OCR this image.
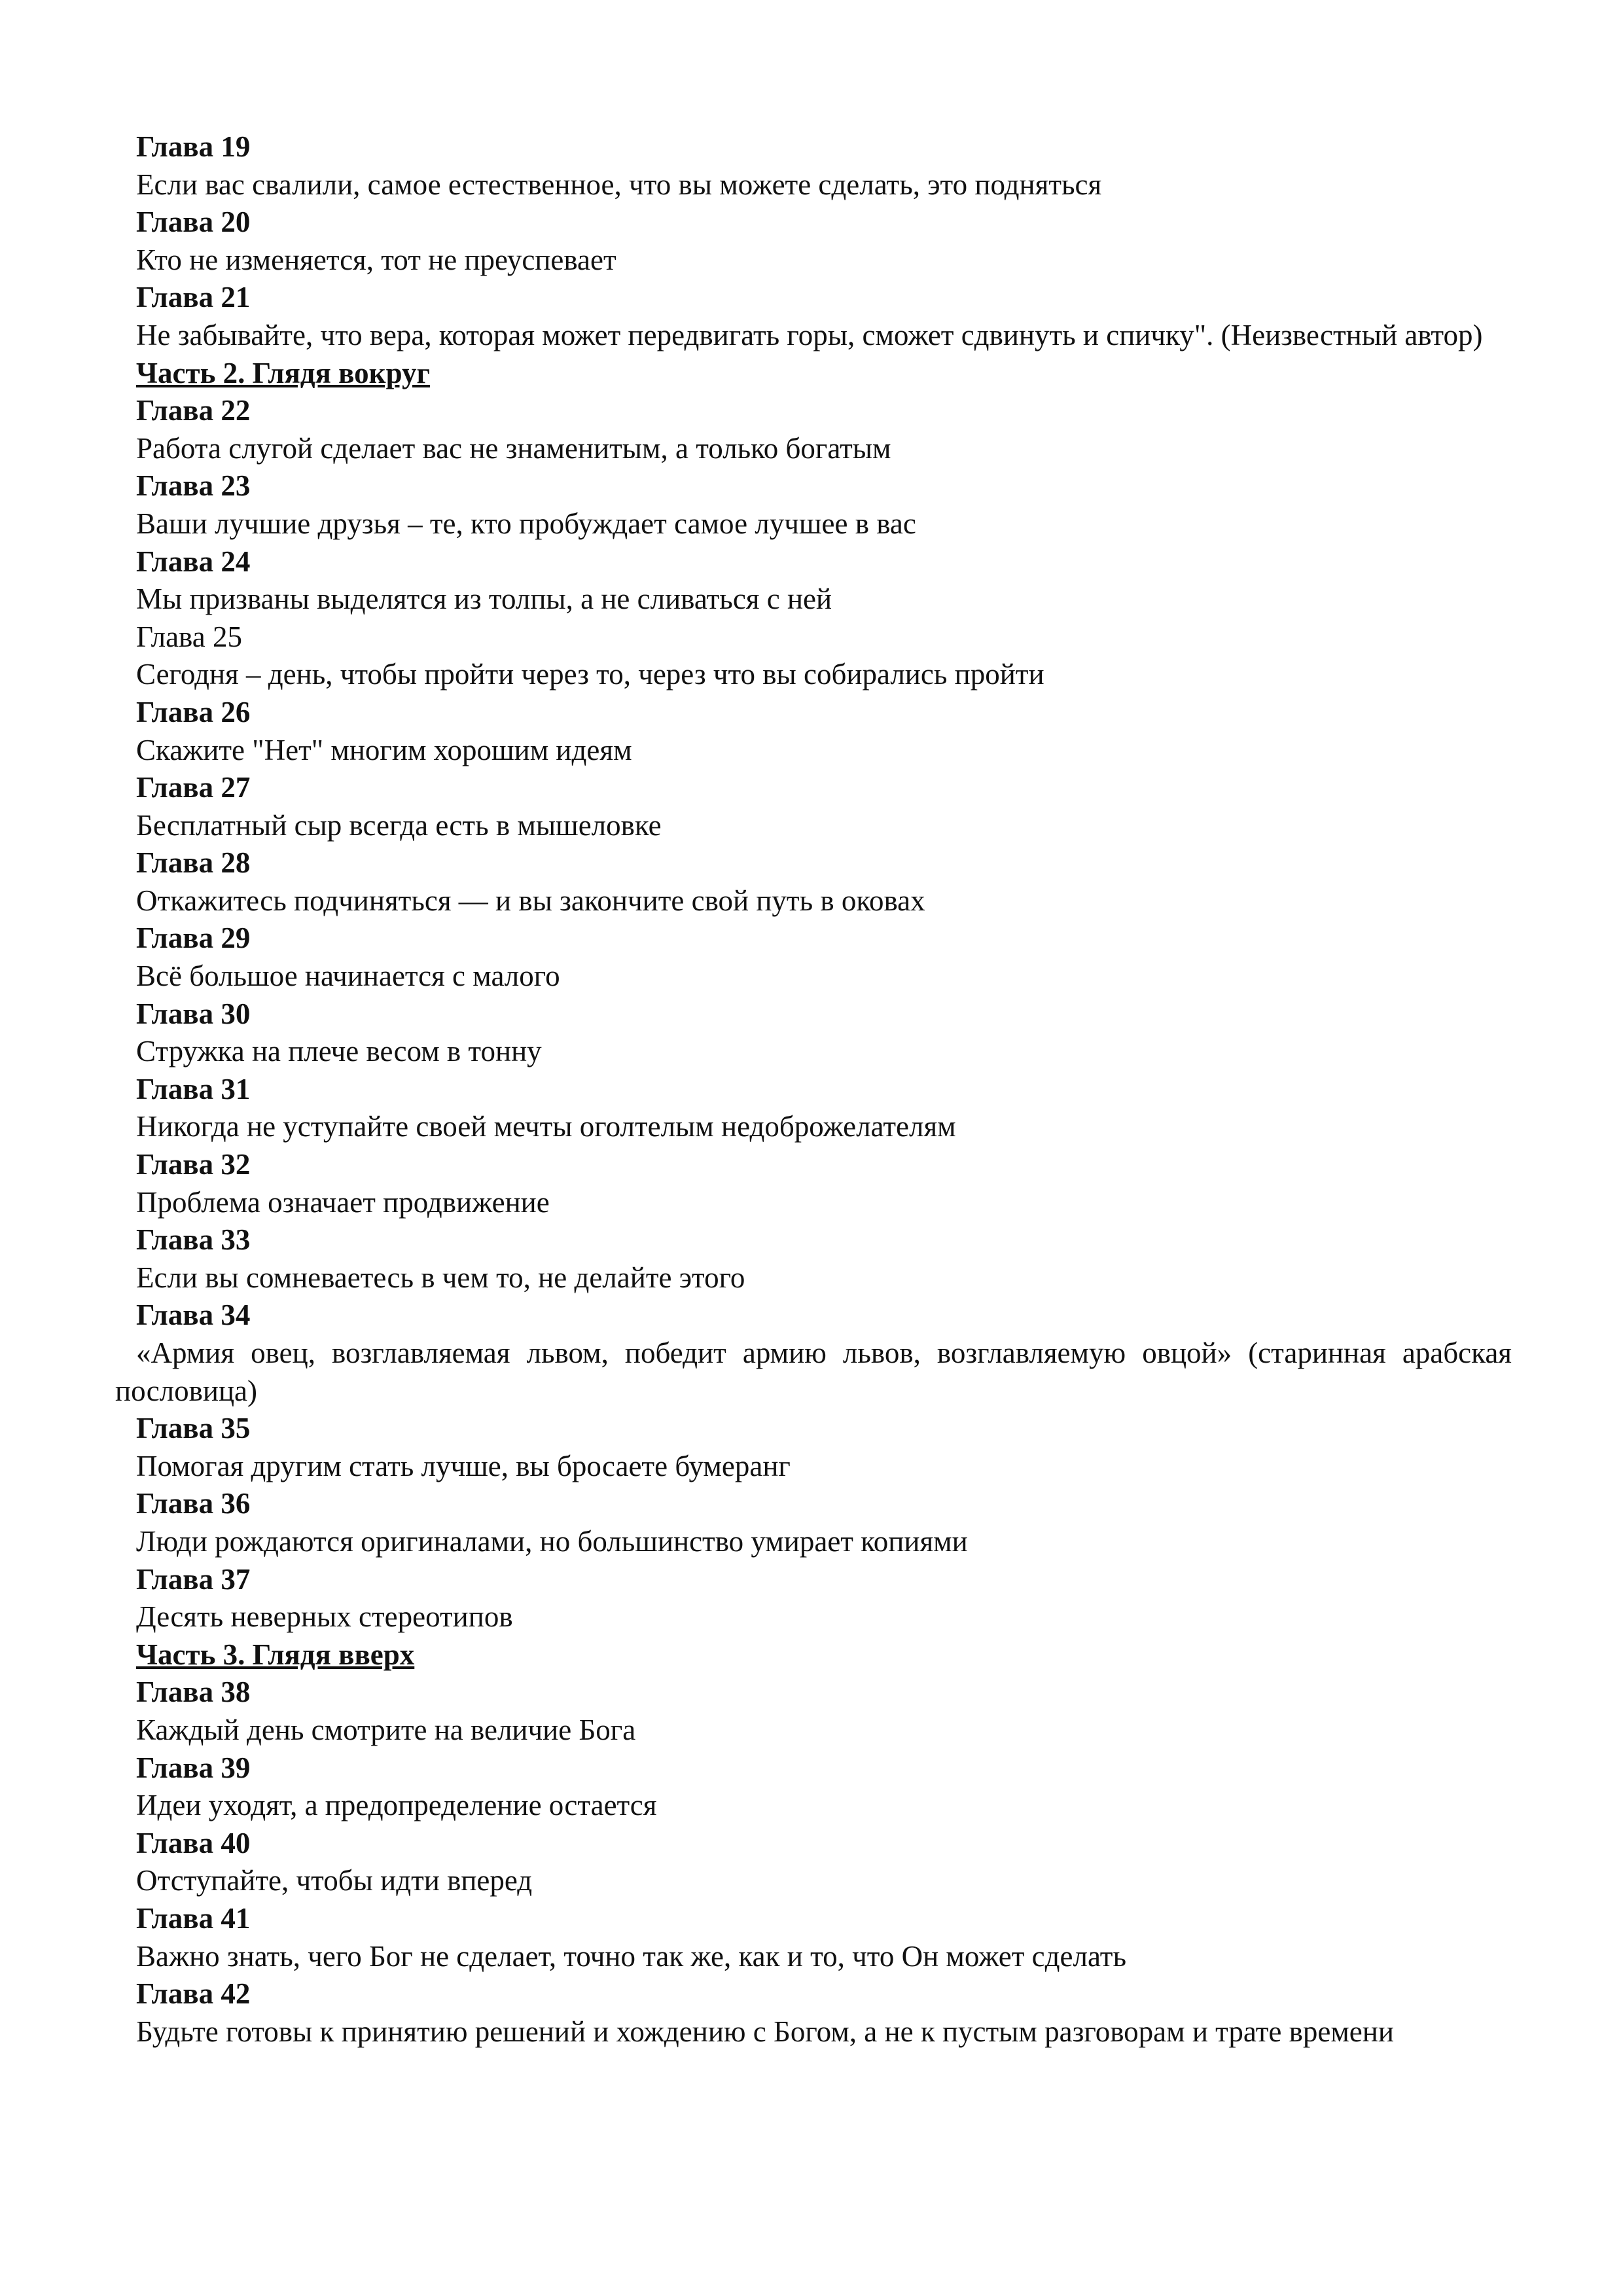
Глава 19

Если вас свалили, самое естественное, что вы можете сделать, это подняться

Глава 20

Кто не изменяется, тот не преуспевает

Глава 21

Не забывайте, что вера, которая может передвигать горы, сможет сдвинуть и спичку". (Неизвестный автор)

Часть 2. Глядя вокруг

Глава 22

Работа слугой сделает вас не знаменитым, а только богатым

Глава 23

Ваши лучшие друзья – те, кто пробуждает самое лучшее в вас

Глава 24

Мы призваны выделятся из толпы, а не сливаться с ней

Глава 25

Сегодня – день, чтобы пройти через то, через что вы собирались пройти

Глава 26

Скажите "Нет" многим хорошим идеям

Глава 27

Бесплатный сыр всегда есть в мышеловке

Глава 28

Откажитесь подчиняться — и вы закончите свой путь в оковах

Глава 29

Всё большое начинается с малого

Глава 30

Стружка на плече весом в тонну

Глава 31

Никогда не уступайте своей мечты оголтелым недоброжелателям

Глава 32

Проблема означает продвижение

Глава 33

Если вы сомневаетесь в чем то, не делайте этого

Глава 34

«Армия овец, возглавляемая львом, победит армию львов, возглавляемую овцой» (старинная арабская пословица)

Глава 35

Помогая другим стать лучше, вы бросаете бумеранг

Глава 36

Люди рождаются оригиналами, но большинство умирает копиями

Глава 37

Десять неверных стереотипов

Часть 3. Глядя вверх

Глава 38

Каждый день смотрите на величие Бога

Глава 39

Идеи уходят, а предопределение остается

Глава 40

Отступайте, чтобы идти вперед

Глава 41

Важно знать, чего Бог не сделает, точно так же, как и то, что Он может сделать

Глава 42

Будьте готовы к принятию решений и хождению с Богом, а не к пустым разговорам и трате времени
